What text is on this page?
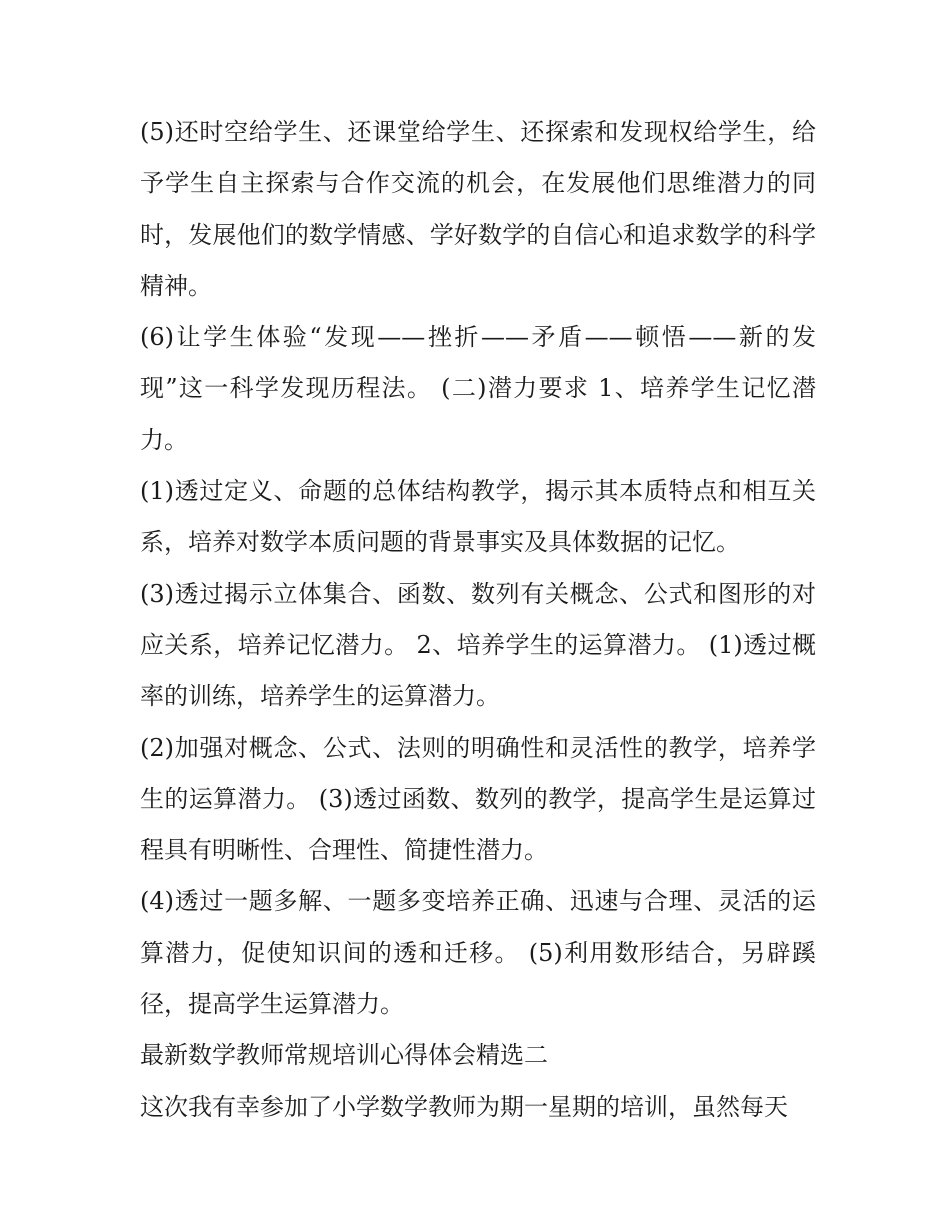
(5)还时空给学生、还课堂给学生、还探索和发现权给学生，给予学生自主探索与合作交流的机会，在发展他们思维潜力的同时，发展他们的数学情感、学好数学的自信心和追求数学的科学精神。

(6)让学生体验“发现——挫折——矛盾——顿悟——新的发现”这一科学发现历程法。 (二)潜力要求 1、培养学生记忆潜力。

(1)透过定义、命题的总体结构教学，揭示其本质特点和相互关系，培养对数学本质问题的背景事实及具体数据的记忆。

(3)透过揭示立体集合、函数、数列有关概念、公式和图形的对应关系，培养记忆潜力。 2、培养学生的运算潜力。 (1)透过概率的训练，培养学生的运算潜力。

(2)加强对概念、公式、法则的明确性和灵活性的教学，培养学生的运算潜力。 (3)透过函数、数列的教学，提高学生是运算过程具有明晰性、合理性、简捷性潜力。

(4)透过一题多解、一题多变培养正确、迅速与合理、灵活的运算潜力，促使知识间的透和迁移。 (5)利用数形结合，另辟蹊径，提高学生运算潜力。

最新数学教师常规培训心得体会精选二

这次我有幸参加了小学数学教师为期一星期的培训，虽然每天
